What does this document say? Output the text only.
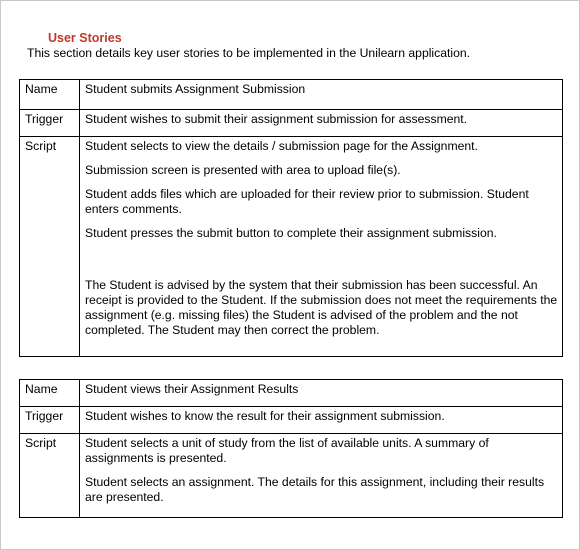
User Stories
This section details key user stories to be implemented in the Unilearn application.
Name	Student submits Assignment Submission
Trigger	Student wishes to submit their assignment submission for assessment.
Script	Student selects to view the details / submission page for the Assignment.

Submission screen is presented with area to upload file(s).

Student adds files which are uploaded for their review prior to submission. Student enters comments.

Student presses the submit button to complete their assignment submission.

The Student is advised by the system that their submission has been successful. An receipt is provided to the Student. If the submission does not meet the requirements the assignment (e.g. missing files) the Student is advised of the problem and the not completed. The Student may then correct the problem.

Name	Student views their Assignment Results
Trigger	Student wishes to know the result for their assignment submission.
Script	Student selects a unit of study from the list of available units. A summary of assignments is presented.

Student selects an assignment. The details for this assignment, including their results are presented.
